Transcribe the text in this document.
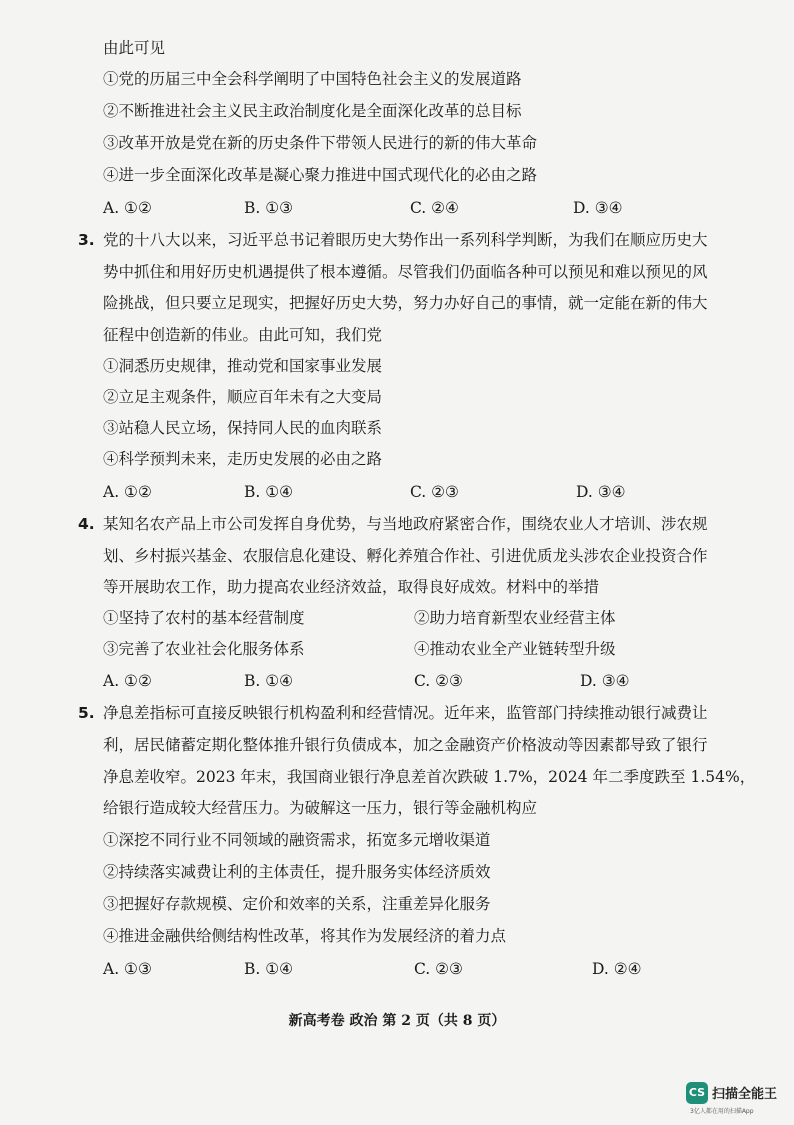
由此可见
①党的历届三中全会科学阐明了中国特色社会主义的发展道路
②不断推进社会主义民主政治制度化是全面深化改革的总目标
③改革开放是党在新的历史条件下带领人民进行的新的伟大革命
④进一步全面深化改革是凝心聚力推进中国式现代化的必由之路
A. ①②	B. ①③	C. ②④	D. ③④
3. 党的十八大以来，习近平总书记着眼历史大势作出一系列科学判断，为我们在顺应历史大
势中抓住和用好历史机遇提供了根本遵循。尽管我们仍面临各种可以预见和难以预见的风
险挑战，但只要立足现实，把握好历史大势，努力办好自己的事情，就一定能在新的伟大
征程中创造新的伟业。由此可知，我们党
①洞悉历史规律，推动党和国家事业发展
②立足主观条件，顺应百年未有之大变局
③站稳人民立场，保持同人民的血肉联系
④科学预判未来，走历史发展的必由之路
A. ①②	B. ①④	C. ②③	D. ③④
4. 某知名农产品上市公司发挥自身优势，与当地政府紧密合作，围绕农业人才培训、涉农规
划、乡村振兴基金、农服信息化建设、孵化养殖合作社、引进优质龙头涉农企业投资合作
等开展助农工作，助力提高农业经济效益，取得良好成效。材料中的举措
①坚持了农村的基本经营制度	②助力培育新型农业经营主体
③完善了农业社会化服务体系	④推动农业全产业链转型升级
A. ①②	B. ①④	C. ②③	D. ③④
5. 净息差指标可直接反映银行机构盈利和经营情况。近年来，监管部门持续推动银行减费让
利，居民储蓄定期化整体推升银行负债成本，加之金融资产价格波动等因素都导致了银行
净息差收窄。2023 年末，我国商业银行净息差首次跌破 1.7%，2024 年二季度跌至 1.54%，
给银行造成较大经营压力。为破解这一压力，银行等金融机构应
①深挖不同行业不同领域的融资需求，拓宽多元增收渠道
②持续落实减费让利的主体责任，提升服务实体经济质效
③把握好存款规模、定价和效率的关系，注重差异化服务
④推进金融供给侧结构性改革，将其作为发展经济的着力点
A. ①③	B. ①④	C. ②③	D. ②④
新高考卷 政治 第 2 页（共 8 页）
CS 扫描全能王
3亿人都在用的扫描App
